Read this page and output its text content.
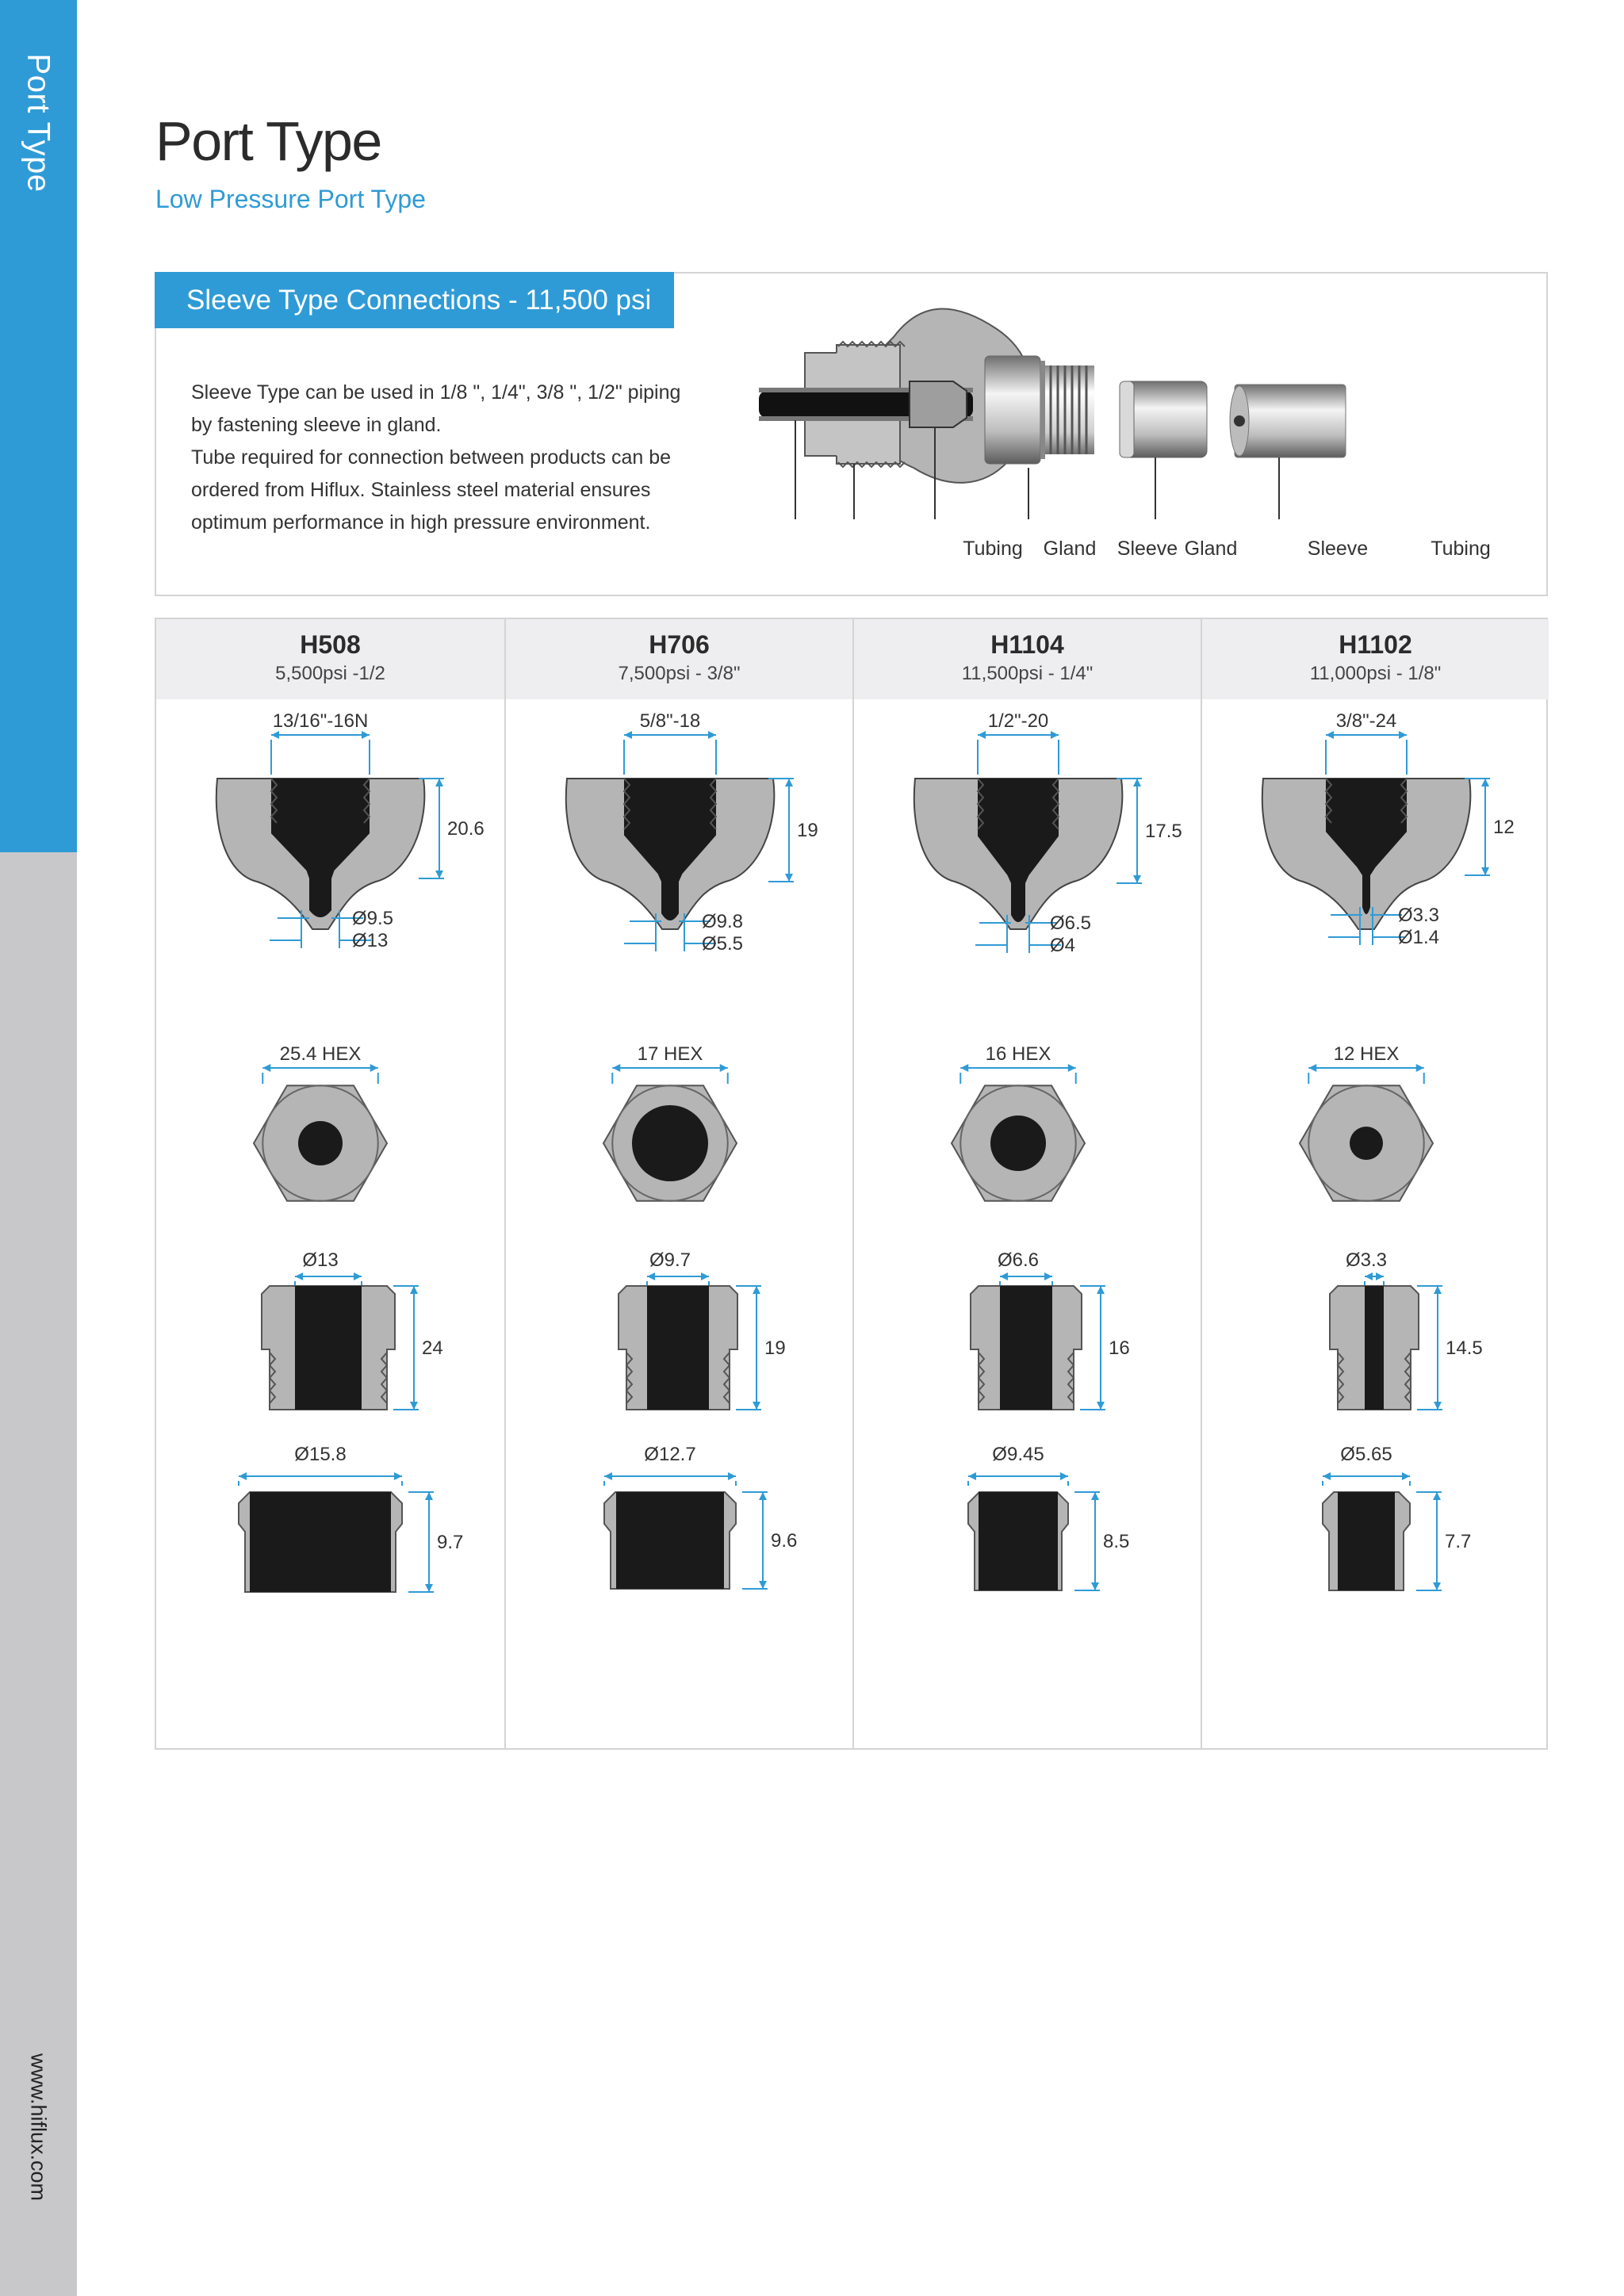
Port Type
www.hiflux.com
Port Type
Low Pressure Port Type
Sleeve Type Connections - 11,500 psi
Sleeve Type can be used in 1/8 ", 1/4", 3/8 ", 1/2" piping
by fastening sleeve in gland.
Tube required for connection between products can be
ordered from Hiflux. Stainless steel material ensures
optimum performance in high pressure environment.
Tubing Gland Sleeve Gland	Sleeve	Tubing
H508
5,500psi -1/2
13/16"-16N
20.6
Ø9.5
Ø13
25.4 HEX
Ø13
24
Ø15.8
9.7
H706
7,500psi - 3/8"
5/8"-18
19
Ø9.8
Ø5.5
17 HEX
Ø9.7
19
Ø12.7
9.6
H1104
11,500psi - 1/4"
1/2"-20
17.5
Ø6.5
Ø4
16 HEX
Ø6.6
16
Ø9.45
8.5
H1102
11,000psi - 1/8"
3/8"-24
12
Ø3.3
Ø1.4
12 HEX
Ø3.3
14.5
Ø5.65
7.7
